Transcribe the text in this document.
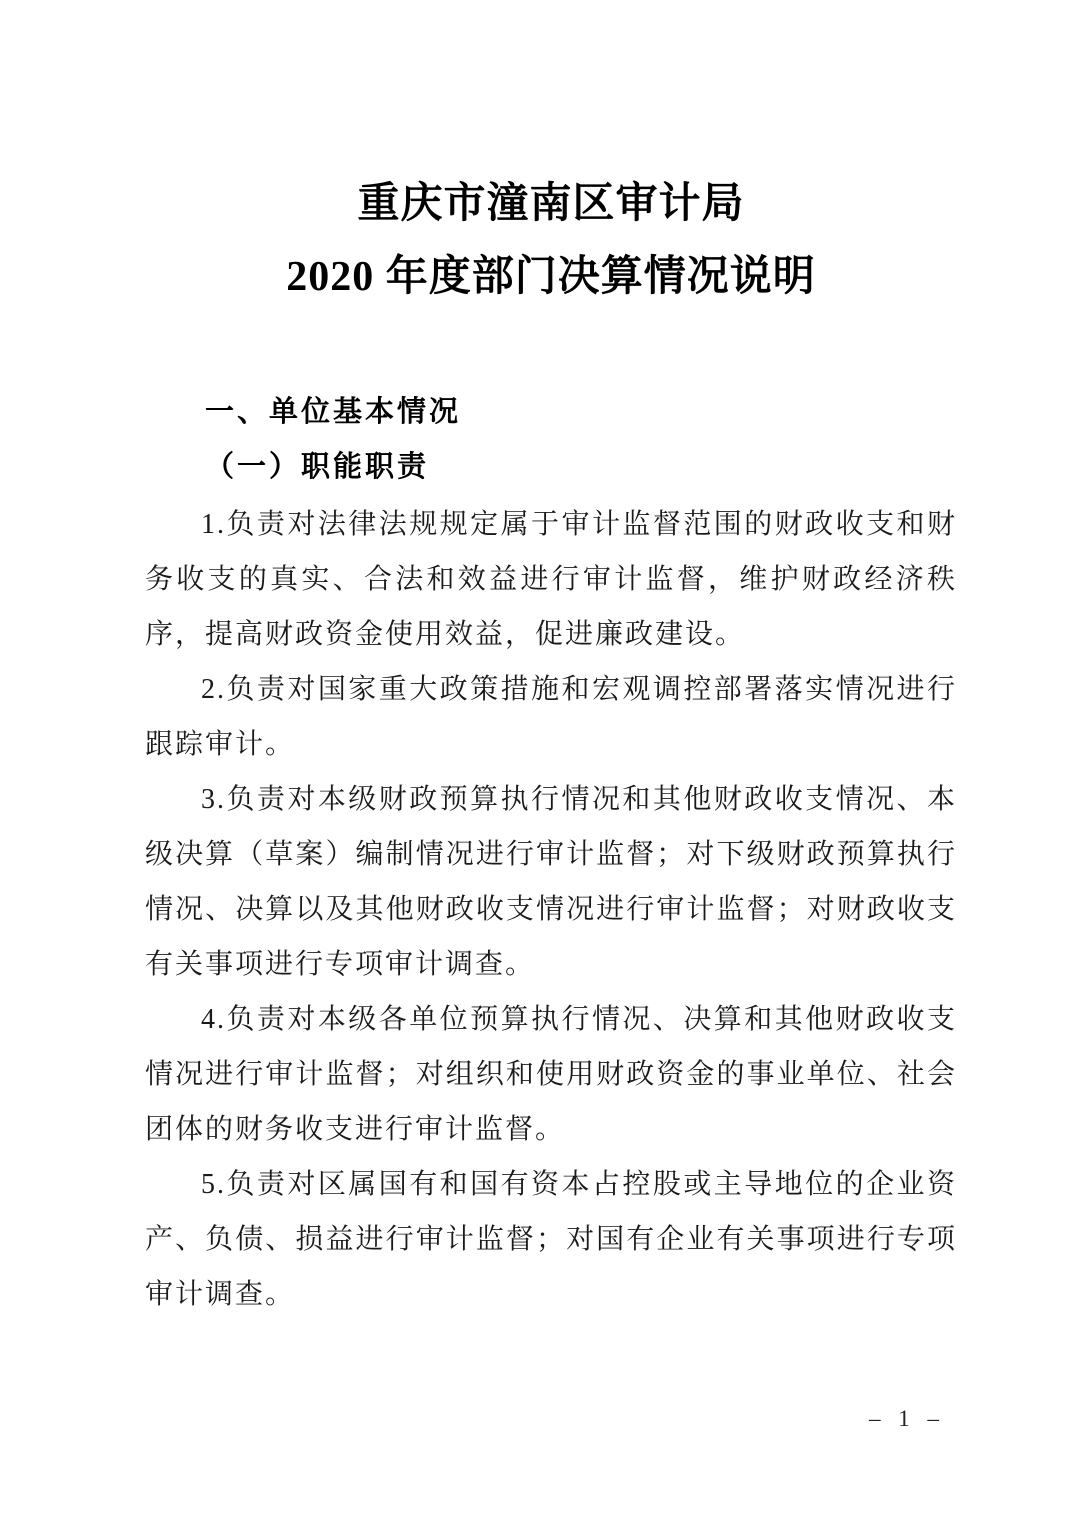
重庆市潼南区审计局
2020 年度部门决算情况说明
一、单位基本情况
（一）职能职责

1.负责对法律法规规定属于审计监督范围的财政收支和财务收支的真实、合法和效益进行审计监督，维护财政经济秩序，提高财政资金使用效益，促进廉政建设。

2.负责对国家重大政策措施和宏观调控部署落实情况进行跟踪审计。

3.负责对本级财政预算执行情况和其他财政收支情况、本级决算（草案）编制情况进行审计监督；对下级财政预算执行情况、决算以及其他财政收支情况进行审计监督；对财政收支有关事项进行专项审计调查。

4.负责对本级各单位预算执行情况、决算和其他财政收支情况进行审计监督；对组织和使用财政资金的事业单位、社会团体的财务收支进行审计监督。

5.负责对区属国有和国有资本占控股或主导地位的企业资产、负债、损益进行审计监督；对国有企业有关事项进行专项审计调查。

– 1 –
